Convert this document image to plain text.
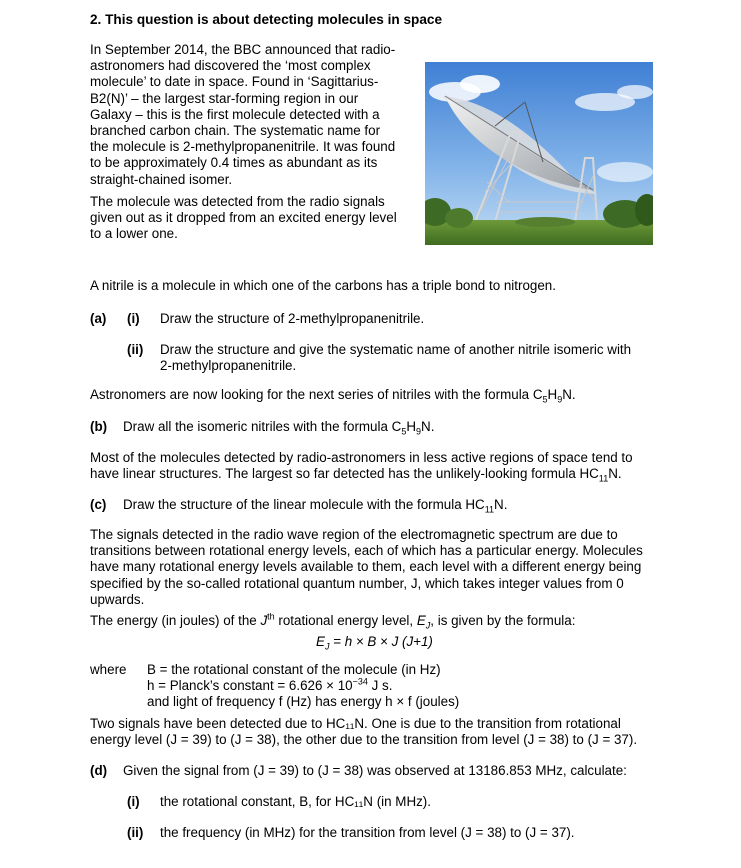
2. This question is about detecting molecules in space
In September 2014, the BBC announced that radio-
astronomers had discovered the ‘most complex
molecule’ to date in space. Found in ‘Sagittarius-
B2(N)’ – the largest star-forming region in our
Galaxy – this is the first molecule detected with a
branched carbon chain. The systematic name for
the molecule is 2-methylpropanenitrile. It was found
to be approximately 0.4 times as abundant as its
straight-chained isomer.
The molecule was detected from the radio signals
given out as it dropped from an excited energy level
to a lower one.
A nitrile is a molecule in which one of the carbons has a triple bond to nitrogen.
(a) (i) Draw the structure of 2-methylpropanenitrile.
(ii) Draw the structure and give the systematic name of another nitrile isomeric with
2-methylpropanenitrile.
Astronomers are now looking for the next series of nitriles with the formula $C_5H_9N$.
(b) Draw all the isomeric nitriles with the formula $C_5H_9N$.
Most of the molecules detected by radio-astronomers in less active regions of space tend to
have linear structures. The largest so far detected has the unlikely-looking formula $HC_{11}N$.
(c) Draw the structure of the linear molecule with the formula $HC_{11}N$.
The signals detected in the radio wave region of the electromagnetic spectrum are due to
transitions between rotational energy levels, each of which has a particular energy. Molecules
have many rotational energy levels available to them, each level with a different energy being
specified by the so-called rotational quantum number, J, which takes integer values from 0
upwards.
The energy (in joules) of the $J^{th}$ rotational energy level, $E_J$, is given by the formula:
$E_J = h \times B \times J$ (J+1)
where B = the rotational constant of the molecule (in Hz)
h = Planck’s constant = $6.626 \times 10^{-34}$ J s.
and light of frequency f (Hz) has energy h × f (joules)
Two signals have been detected due to HC₁₁N. One is due to the transition from rotational
energy level (J = 39) to (J = 38), the other due to the transition from level (J = 38) to (J = 37).
(d) Given the signal from (J = 39) to (J = 38) was observed at 13186.853 MHz, calculate:
(i) the rotational constant, B, for HC₁₁N (in MHz).
(ii) the frequency (in MHz) for the transition from level (J = 38) to (J = 37).
